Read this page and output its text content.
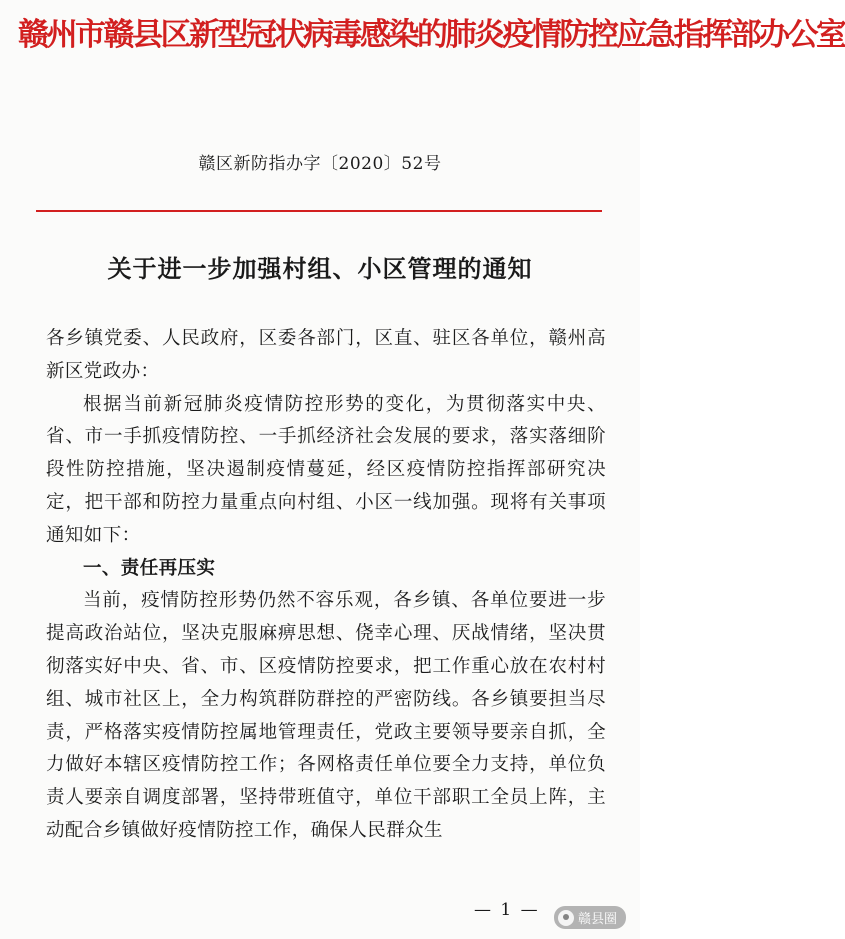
赣州市赣县区新型冠状病毒感染的肺炎疫情防控应急指挥部办公室
赣区新防指办字〔2020〕52号
关于进一步加强村组、小区管理的通知

各乡镇党委、人民政府，区委各部门，区直、驻区各单位，赣州高新区党政办：

根据当前新冠肺炎疫情防控形势的变化，为贯彻落实中央、省、市一手抓疫情防控、一手抓经济社会发展的要求，落实落细阶段性防控措施，坚决遏制疫情蔓延，经区疫情防控指挥部研究决定，把干部和防控力量重点向村组、小区一线加强。现将有关事项通知如下：

一、责任再压实

当前，疫情防控形势仍然不容乐观，各乡镇、各单位要进一步提高政治站位，坚决克服麻痹思想、侥幸心理、厌战情绪，坚决贯彻落实好中央、省、市、区疫情防控要求，把工作重心放在农村村组、城市社区上，全力构筑群防群控的严密防线。各乡镇要担当尽责，严格落实疫情防控属地管理责任，党政主要领导要亲自抓，全力做好本辖区疫情防控工作；各网格责任单位要全力支持，单位负责人要亲自调度部署，坚持带班值守，单位干部职工全员上阵，主动配合乡镇做好疫情防控工作，确保人民群众生

— 1 —	赣县圈
